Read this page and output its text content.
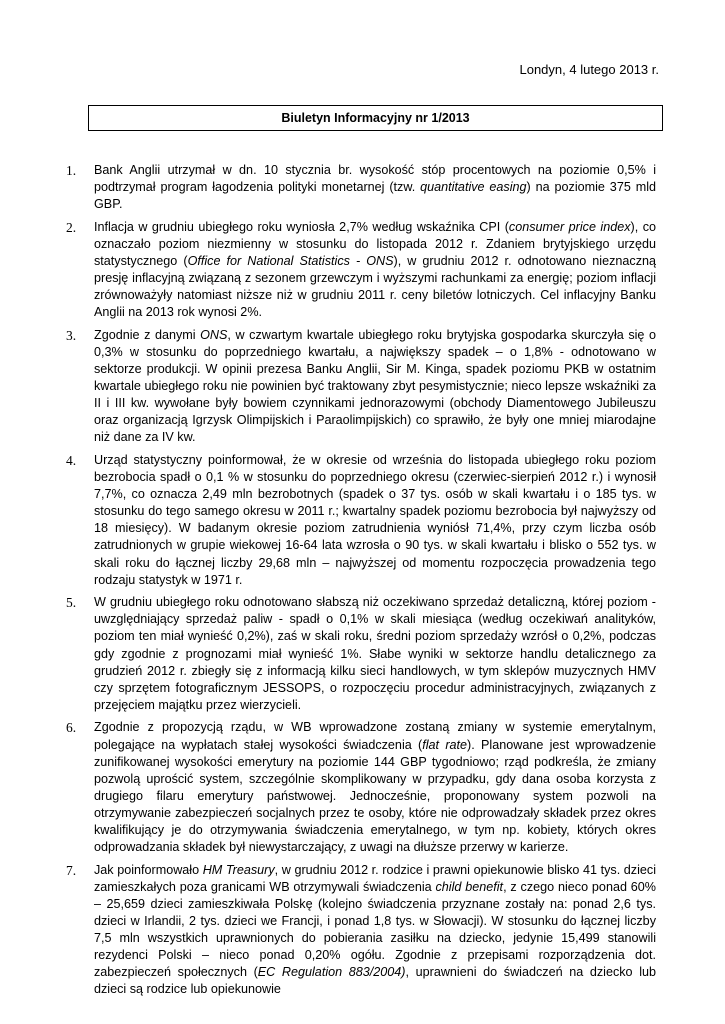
Londyn, 4 lutego 2013 r.
Biuletyn Informacyjny nr 1/2013
1. Bank Anglii utrzymał w dn. 10 stycznia br. wysokość stóp procentowych na poziomie 0,5% i podtrzymał program łagodzenia polityki monetarnej (tzw. quantitative easing) na poziomie 375 mld GBP.
2. Inflacja w grudniu ubiegłego roku wyniosła 2,7% według wskaźnika CPI (consumer price index), co oznaczało poziom niezmienny w stosunku do listopada 2012 r. Zdaniem brytyjskiego urzędu statystycznego (Office for National Statistics - ONS), w grudniu 2012 r. odnotowano nieznaczną presję inflacyjną związaną z sezonem grzewczym i wyższymi rachunkami za energię; poziom inflacji zrównoważyły natomiast niższe niż w grudniu 2011 r. ceny biletów lotniczych. Cel inflacyjny Banku Anglii na 2013 rok wynosi 2%.
3. Zgodnie z danymi ONS, w czwartym kwartale ubiegłego roku brytyjska gospodarka skurczyła się o 0,3% w stosunku do poprzedniego kwartału, a największy spadek – o 1,8% - odnotowano w sektorze produkcji. W opinii prezesa Banku Anglii, Sir M. Kinga, spadek poziomu PKB w ostatnim kwartale ubiegłego roku nie powinien być traktowany zbyt pesymistycznie; nieco lepsze wskaźniki za II i III kw. wywołane były bowiem czynnikami jednorazowymi (obchody Diamentowego Jubileuszu oraz organizacją Igrzysk Olimpijskich i Paraolimpijskich) co sprawiło, że były one mniej miarodajne niż dane za IV kw.
4. Urząd statystyczny poinformował, że w okresie od września do listopada ubiegłego roku poziom bezrobocia spadł o 0,1 % w stosunku do poprzedniego okresu (czerwiec-sierpień 2012 r.) i wynosił 7,7%, co oznacza 2,49 mln bezrobotnych (spadek o 37 tys. osób w skali kwartału i o 185 tys. w stosunku do tego samego okresu w 2011 r.; kwartalny spadek poziomu bezrobocia był najwyższy od 18 miesięcy). W badanym okresie poziom zatrudnienia wyniósł 71,4%, przy czym liczba osób zatrudnionych w grupie wiekowej 16-64 lata wzrosła o 90 tys. w skali kwartału i blisko o 552 tys. w skali roku do łącznej liczby 29,68 mln – najwyższej od momentu rozpoczęcia prowadzenia tego rodzaju statystyk w 1971 r.
5. W grudniu ubiegłego roku odnotowano słabszą niż oczekiwano sprzedaż detaliczną, której poziom - uwzględniający sprzedaż paliw - spadł o 0,1% w skali miesiąca (według oczekiwań analityków, poziom ten miał wynieść 0,2%), zaś w skali roku, średni poziom sprzedaży wzrósł o 0,2%, podczas gdy zgodnie z prognozami miał wynieść 1%. Słabe wyniki w sektorze handlu detalicznego za grudzień 2012 r. zbiegły się z informacją kilku sieci handlowych, w tym sklepów muzycznych HMV czy sprzętem fotograficznym JESSOPS, o rozpoczęciu procedur administracyjnych, związanych z przejęciem majątku przez wierzycieli.
6. Zgodnie z propozycją rządu, w WB wprowadzone zostaną zmiany w systemie emerytalnym, polegające na wypłatach stałej wysokości świadczenia (flat rate). Planowane jest wprowadzenie zunifikowanej wysokości emerytury na poziomie 144 GBP tygodniowo; rząd podkreśla, że zmiany pozwolą uprościć system, szczególnie skomplikowany w przypadku, gdy dana osoba korzysta z drugiego filaru emerytury państwowej. Jednocześnie, proponowany system pozwoli na otrzymywanie zabezpieczeń socjalnych przez te osoby, które nie odprowadzały składek przez okres kwalifikujący je do otrzymywania świadczenia emerytalnego, w tym np. kobiety, których okres odprowadzania składek był niewystarczający, z uwagi na dłuższe przerwy w karierze.
7. Jak poinformowało HM Treasury, w grudniu 2012 r. rodzice i prawni opiekunowie blisko 41 tys. dzieci zamieszkałych poza granicami WB otrzymywali świadczenia child benefit, z czego nieco ponad 60% – 25,659 dzieci zamieszkiwała Polskę (kolejno świadczenia przyznane zostały na: ponad 2,6 tys. dzieci w Irlandii, 2 tys. dzieci we Francji, i ponad 1,8 tys. w Słowacji). W stosunku do łącznej liczby 7,5 mln wszystkich uprawnionych do pobierania zasiłku na dziecko, jedynie 15,499 stanowili rezydenci Polski – nieco ponad 0,20% ogółu. Zgodnie z przepisami rozporządzenia dot. zabezpieczeń społecznych (EC Regulation 883/2004), uprawnieni do świadczeń na dziecko lub dzieci są rodzice lub opiekunowie
